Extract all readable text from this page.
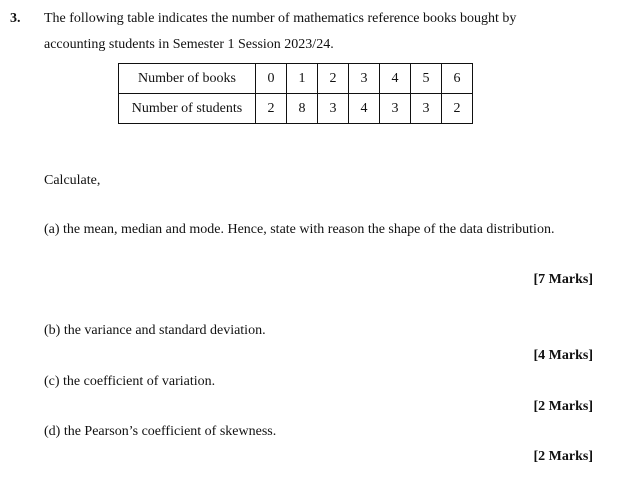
3. The following table indicates the number of mathematics reference books bought by
accounting students in Semester 1 Session 2023/24.
Number of books	0	1	2	3	4	5	6
Number of students	2	8	3	4	3	3	2
Calculate,
(a) the mean, median and mode. Hence, state with reason the shape of the data distribution.
[7 Marks]
(b) the variance and standard deviation.
[4 Marks]
(c) the coefficient of variation.
[2 Marks]
(d) the Pearson’s coefficient of skewness.
[2 Marks]
